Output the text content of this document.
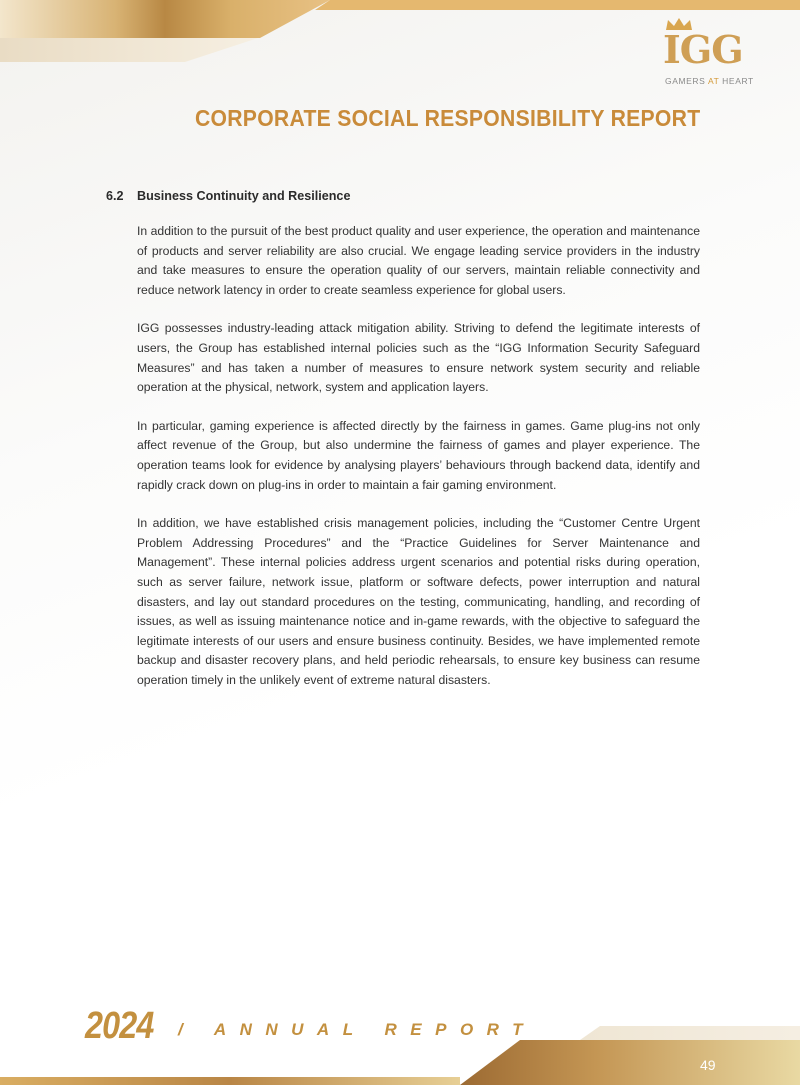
IGG
GAMERS AT HEART
CORPORATE SOCIAL RESPONSIBILITY REPORT
6.2	Business Continuity and Resilience

In addition to the pursuit of the best product quality and user experience, the operation and maintenance of products and server reliability are also crucial. We engage leading service providers in the industry and take measures to ensure the operation quality of our servers, maintain reliable connectivity and reduce network latency in order to create seamless experience for global users.

IGG possesses industry-leading attack mitigation ability. Striving to defend the legitimate interests of users, the Group has established internal policies such as the “IGG Information Security Safeguard Measures” and has taken a number of measures to ensure network system security and reliable operation at the physical, network, system and application layers.

In particular, gaming experience is affected directly by the fairness in games. Game plug-ins not only affect revenue of the Group, but also undermine the fairness of games and player experience. The operation teams look for evidence by analysing players’ behaviours through backend data, identify and rapidly crack down on plug-ins in order to maintain a fair gaming environment.

In addition, we have established crisis management policies, including the “Customer Centre Urgent Problem Addressing Procedures” and the “Practice Guidelines for Server Maintenance and Management”. These internal policies address urgent scenarios and potential risks during operation, such as server failure, network issue, platform or software defects, power interruption and natural disasters, and lay out standard procedures on the testing, communicating, handling, and recording of issues, as well as issuing maintenance notice and in-game rewards, with the objective to safeguard the legitimate interests of our users and ensure business continuity. Besides, we have implemented remote backup and disaster recovery plans, and held periodic rehearsals, to ensure key business can resume operation timely in the unlikely event of extreme natural disasters.

2024 / ANNUAL REPORT
49
